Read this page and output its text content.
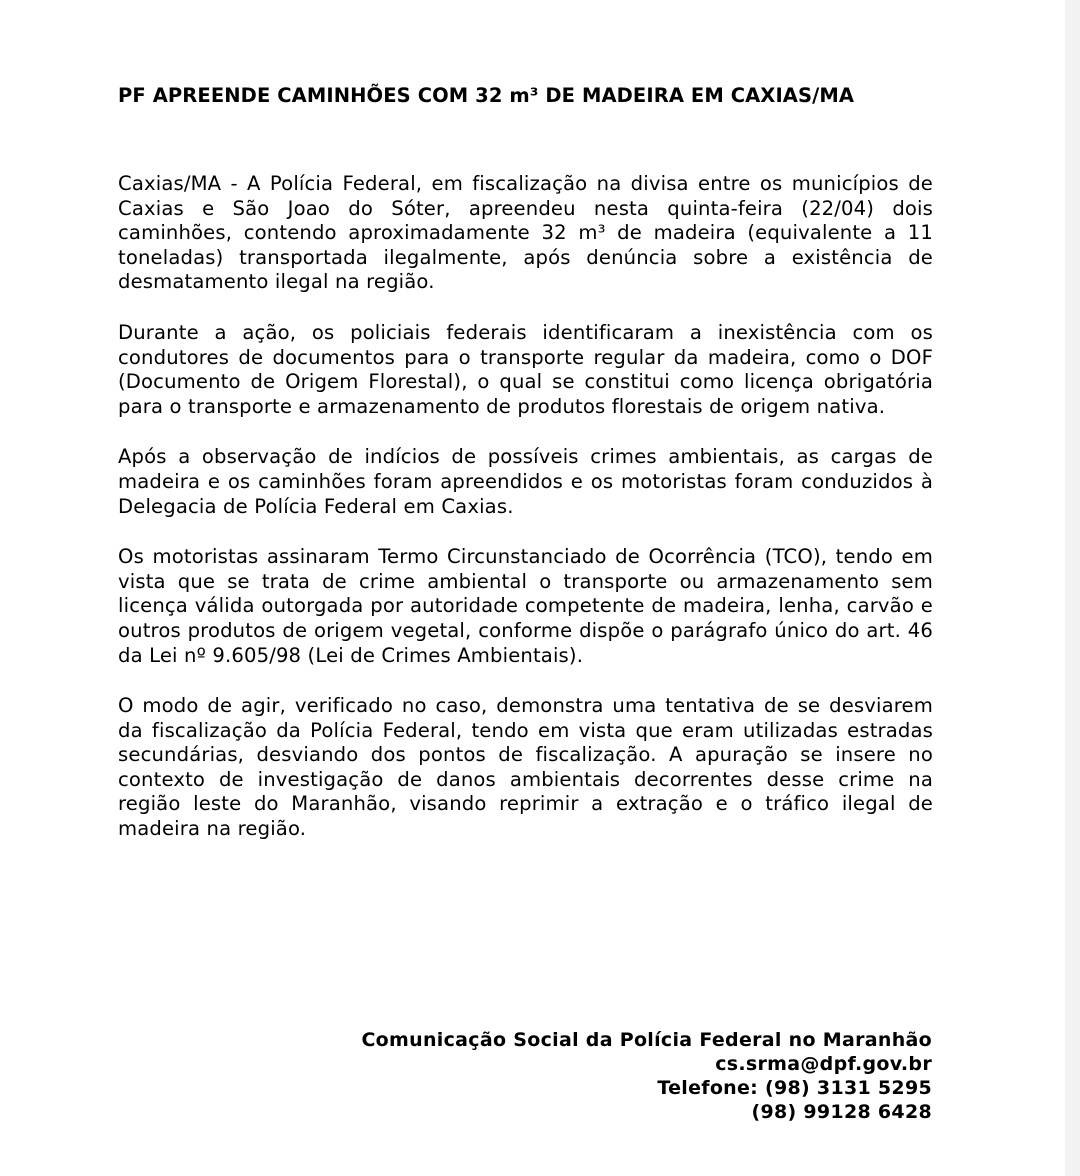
PF APREENDE CAMINHÕES COM 32 m³ DE MADEIRA EM CAXIAS/MA

Caxias/MA - A Polícia Federal, em fiscalização na divisa entre os municípios de Caxias e São Joao do Sóter, apreendeu nesta quinta-feira (22/04) dois caminhões, contendo aproximadamente 32 m³ de madeira (equivalente a 11 toneladas) transportada ilegalmente, após denúncia sobre a existência de desmatamento ilegal na região.

Durante a ação, os policiais federais identificaram a inexistência com os condutores de documentos para o transporte regular da madeira, como o DOF (Documento de Origem Florestal), o qual se constitui como licença obrigatória para o transporte e armazenamento de produtos florestais de origem nativa.

Após a observação de indícios de possíveis crimes ambientais, as cargas de madeira e os caminhões foram apreendidos e os motoristas foram conduzidos à Delegacia de Polícia Federal em Caxias.

Os motoristas assinaram Termo Circunstanciado de Ocorrência (TCO), tendo em vista que se trata de crime ambiental o transporte ou armazenamento sem licença válida outorgada por autoridade competente de madeira, lenha, carvão e outros produtos de origem vegetal, conforme dispõe o parágrafo único do art. 46 da Lei nº 9.605/98 (Lei de Crimes Ambientais).

O modo de agir, verificado no caso, demonstra uma tentativa de se desviarem da fiscalização da Polícia Federal, tendo em vista que eram utilizadas estradas secundárias, desviando dos pontos de fiscalização. A apuração se insere no contexto de investigação de danos ambientais decorrentes desse crime na região leste do Maranhão, visando reprimir a extração e o tráfico ilegal de madeira na região.

Comunicação Social da Polícia Federal no Maranhão
cs.srma@dpf.gov.br
Telefone: (98) 3131 5295
(98) 99128 6428
